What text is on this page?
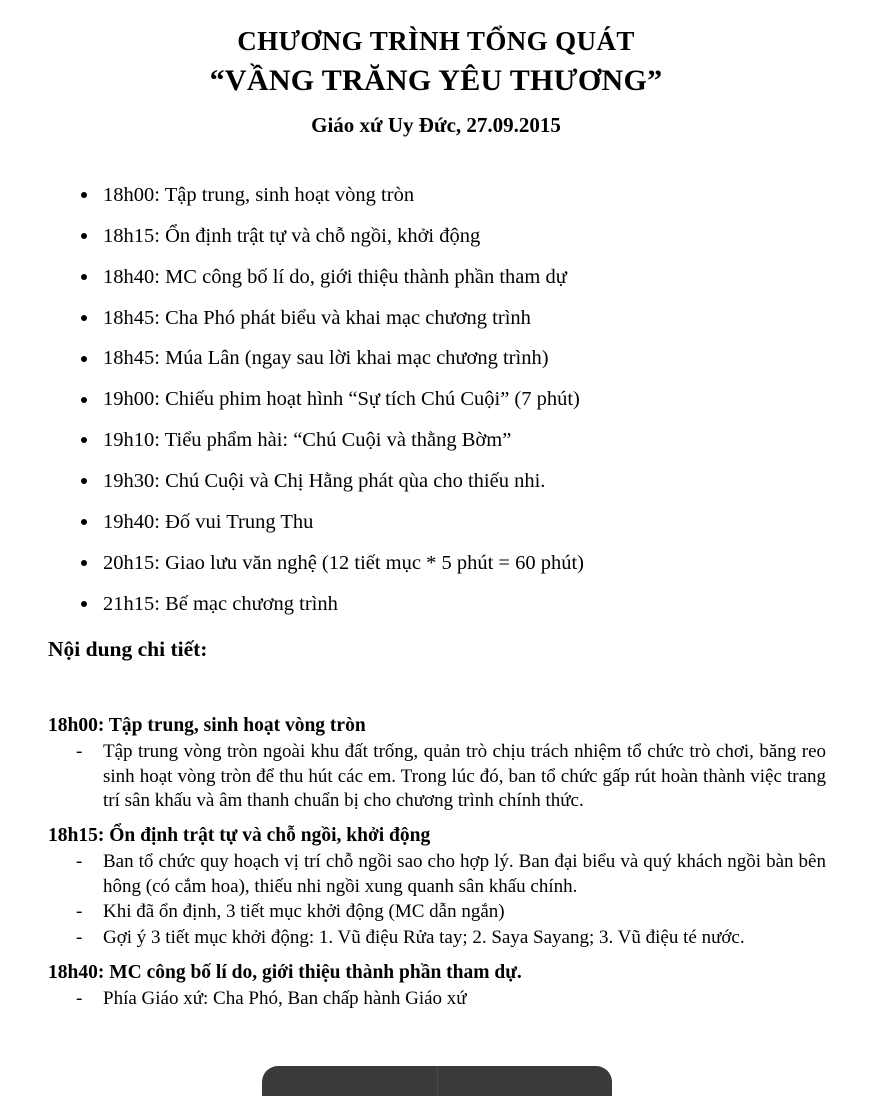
CHƯƠNG TRÌNH TỔNG QUÁT
“VẦNG TRĂNG YÊU THƯƠNG”
Giáo xứ Uy Đức, 27.09.2015
18h00: Tập trung, sinh hoạt vòng tròn
18h15: Ổn định trật tự và chỗ ngồi, khởi động
18h40: MC công bố lí do, giới thiệu thành phần tham dự
18h45: Cha Phó phát biểu và khai mạc chương trình
18h45: Múa Lân (ngay sau lời khai mạc chương trình)
19h00: Chiếu phim hoạt hình “Sự tích Chú Cuội” (7 phút)
19h10: Tiểu phẩm hài: “Chú Cuội và thằng Bờm”
19h30: Chú Cuội và Chị Hằng phát qùa cho thiếu nhi.
19h40: Đố vui Trung Thu
20h15: Giao lưu văn nghệ (12 tiết mục * 5 phút = 60 phút)
21h15: Bế mạc chương trình
Nội dung chi tiết:
18h00: Tập trung, sinh hoạt vòng tròn
- Tập trung vòng tròn ngoài khu đất trống, quản trò chịu trách nhiệm tổ chức trò chơi, băng reo sinh hoạt vòng tròn để thu hút các em. Trong lúc đó, ban tổ chức gấp rút hoàn thành việc trang trí sân khấu và âm thanh chuẩn bị cho chương trình chính thức.
18h15: Ổn định trật tự và chỗ ngồi, khởi động
- Ban tổ chức quy hoạch vị trí chỗ ngồi sao cho hợp lý. Ban đại biểu và quý khách ngồi bàn bên hông (có cắm hoa), thiếu nhi ngồi xung quanh sân khấu chính.
- Khi đã ổn định, 3 tiết mục khởi động (MC dẫn ngắn)
- Gợi ý 3 tiết mục khởi động: 1. Vũ điệu Rửa tay; 2. Saya Sayang; 3. Vũ điệu té nước.
18h40: MC công bố lí do, giới thiệu thành phần tham dự.
- Phía Giáo xứ: Cha Phó, Ban chấp hành Giáo xứ
